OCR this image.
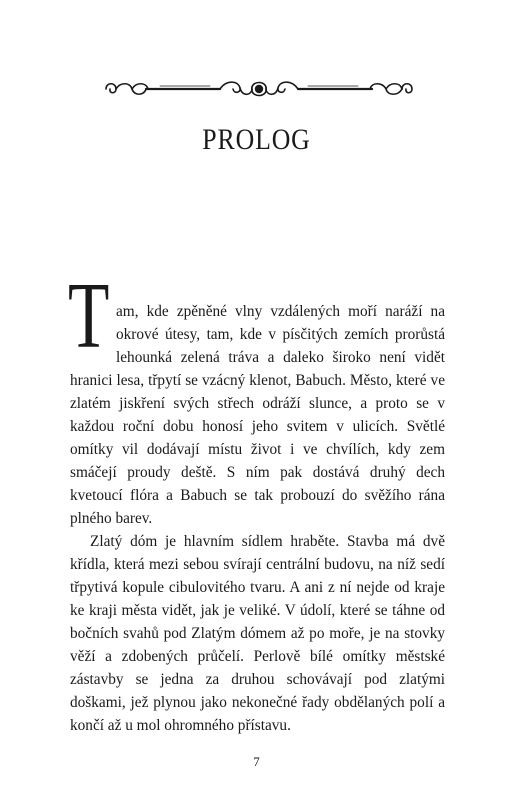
PROLOG

Tam, kde zpěněné vlny vzdálených moří naráží na okrové útesy, tam, kde v písčitých zemích prorůstá lehounká zelená tráva a daleko široko není vidět hranici lesa, třpytí se vzácný klenot, Babuch. Město, které ve zlatém jiskření svých střech odráží slunce, a proto se v každou roční dobu honosí jeho svitem v ulicích. Světlé omítky vil dodávají místu život i ve chvílích, kdy zem smáčejí proudy deště. S ním pak dostává druhý dech kvetoucí flóra a Babuch se tak probouzí do svěžího rána plného barev.

Zlatý dóm je hlavním sídlem hraběte. Stavba má dvě křídla, která mezi sebou svírají centrální budovu, na níž sedí třpytivá kopule cibulovitého tvaru. A ani z ní nejde od kraje ke kraji města vidět, jak je veliké. V údolí, které se táhne od bočních svahů pod Zlatým dómem až po moře, je na stovky věží a zdobených průčelí. Perlově bílé omítky městské zástavby se jedna za druhou schovávají pod zlatými doškami, jež plynou jako nekonečné řady obdělaných polí a končí až u mol ohromného přístavu.

7
